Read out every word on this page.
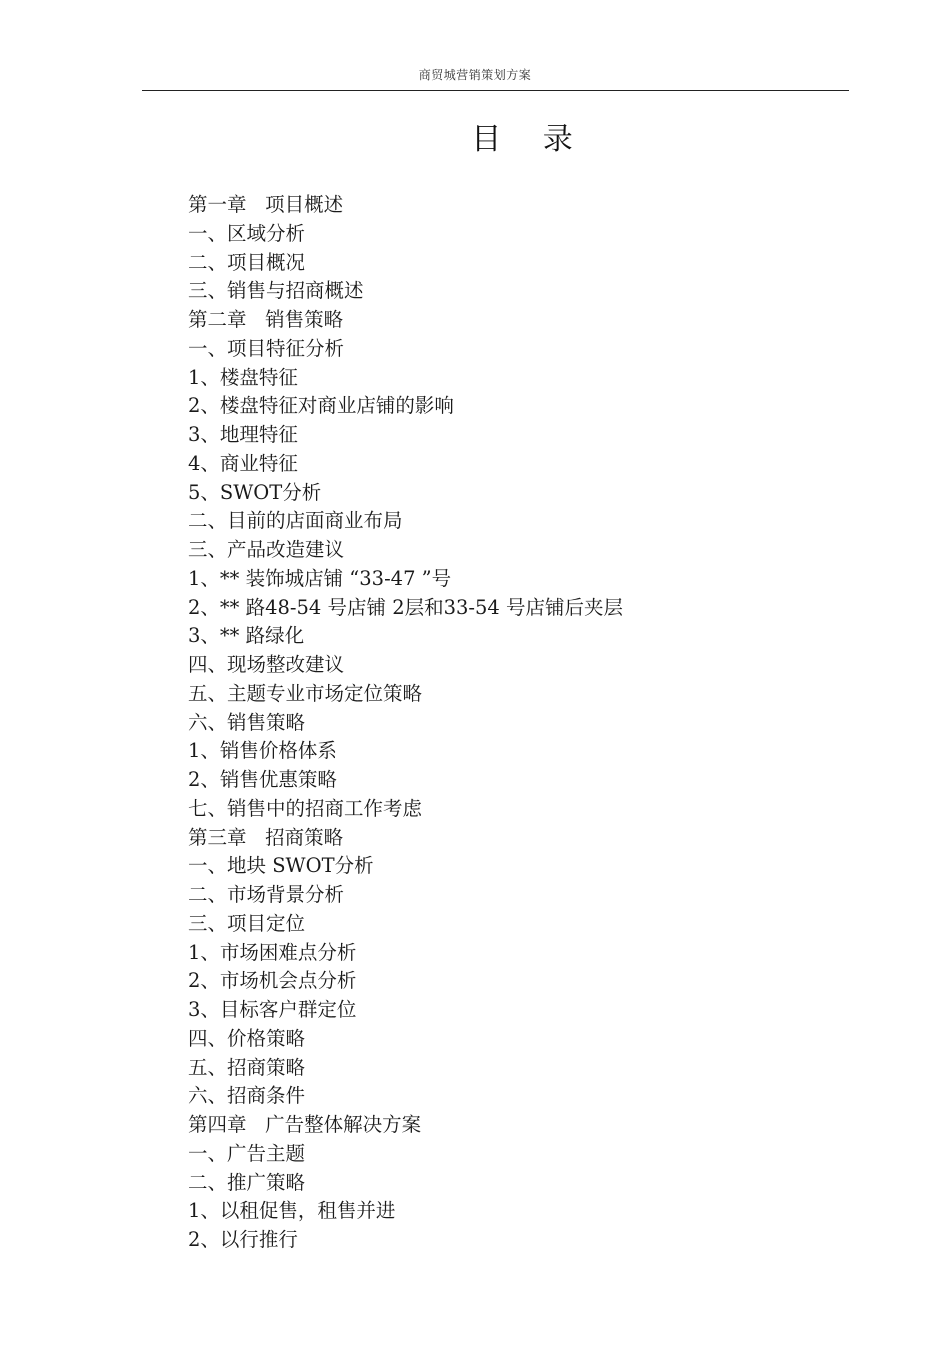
商贸城营销策划方案
目 录
第一章   项目概述
一、区域分析
二、项目概况
三、销售与招商概述
第二章   销售策略
一、项目特征分析
1、楼盘特征
2、楼盘特征对商业店铺的影响
3、地理特征
4、商业特征
5、SWOT分析
二、目前的店面商业布局
三、产品改造建议
1、** 装饰城店铺 “33-47 ”号
2、** 路48-54 号店铺 2层和33-54 号店铺后夹层
3、** 路绿化
四、现场整改建议
五、主题专业市场定位策略
六、销售策略
1、销售价格体系
2、销售优惠策略
七、销售中的招商工作考虑
第三章   招商策略
一、地块 SWOT分析
二、市场背景分析
三、项目定位
1、市场困难点分析
2、市场机会点分析
3、目标客户群定位
四、价格策略
五、招商策略
六、招商条件
第四章   广告整体解决方案
一、广告主题
二、推广策略
1、以租促售，租售并进
2、以行推行
